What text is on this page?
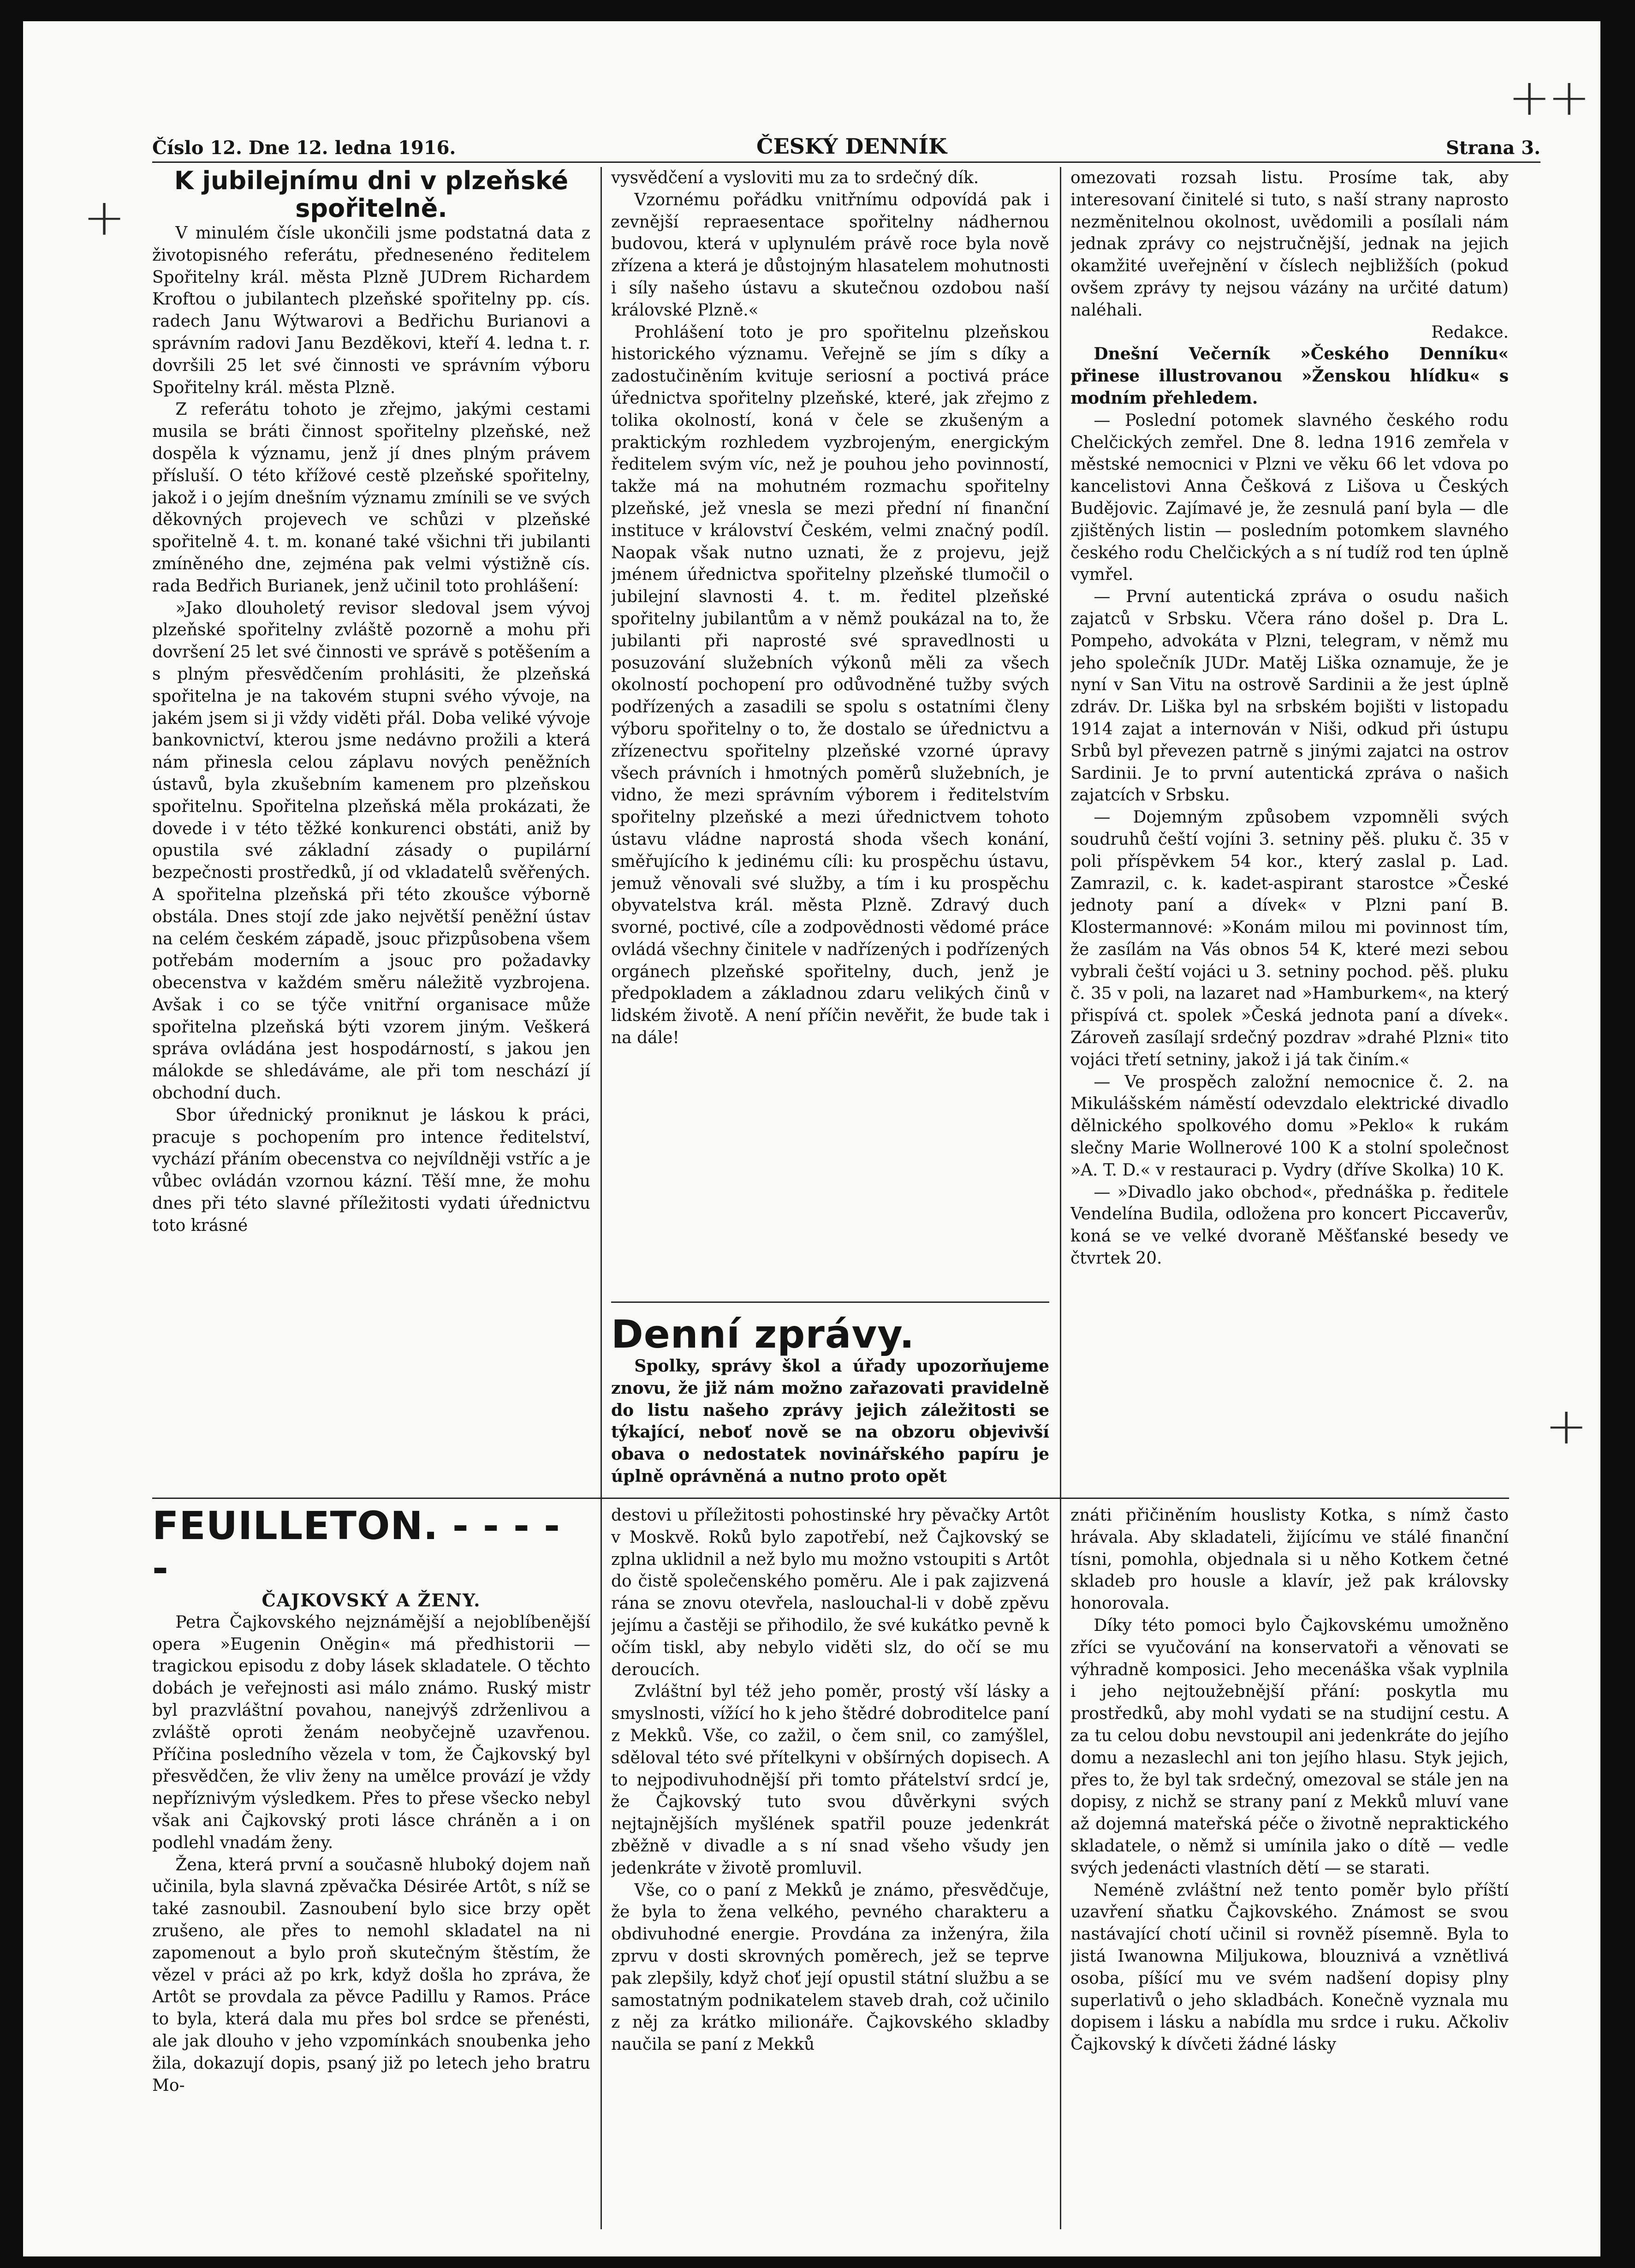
++
+
+
Číslo 12. Dne 12. ledna 1916.	ČESKÝ DENNÍK	Strana 3.

K jubilejnímu dni v plzeňské spořitelně.

V minulém čísle ukončili jsme podstatná data z životopisného referátu, přednesenéno ředitelem Spořitelny král. města Plzně JUDrem Richardem Kroftou o jubilantech plzeňské spořitelny pp. cís. radech Janu Wýtwarovi a Bedřichu Burianovi a správním radovi Janu Bezděkovi, kteří 4. ledna t. r. dovršili 25 let své činnosti ve správním výboru Spořitelny král. města Plzně.

Z referátu tohoto je zřejmo, jakými cestami musila se bráti činnost spořitelny plzeňské, než dospěla k významu, jenž jí dnes plným právem přísluší. O této křížové cestě plzeňské spořitelny, jakož i o jejím dnešním významu zmínili se ve svých děkovných projevech ve schůzi v plzeňské spořitelně 4. t. m. konané také všichni tři jubilanti zmíněného dne, zejména pak velmi výstižně cís. rada Bedřich Burianek, jenž učinil toto prohlášení:

»Jako dlouholetý revisor sledoval jsem vývoj plzeňské spořitelny zvláště pozorně a mohu při dovršení 25 let své činnosti ve správě s potěšením a s plným přesvědčením prohlásiti, že plzeňská spořitelna je na takovém stupni svého vývoje, na jakém jsem si ji vždy viděti přál. Doba veliké vývoje bankovnictví, kterou jsme nedávno prožili a která nám přinesla celou záplavu nových peněžních ústavů, byla zkušebním kamenem pro plzeňskou spořitelnu. Spořitelna plzeňská měla prokázati, že dovede i v této těžké konkurenci obstáti, aniž by opustila své základní zásady o pupilární bezpečnosti prostředků, jí od vkladatelů svěřených. A spořitelna plzeňská při této zkoušce výborně obstála. Dnes stojí zde jako největší peněžní ústav na celém českém západě, jsouc přizpůsobena všem potřebám moderním a jsouc pro požadavky obecenstva v každém směru náležitě vyzbrojena. Avšak i co se týče vnitřní organisace může spořitelna plzeňská býti vzorem jiným. Veškerá správa ovládána jest hospodárností, s jakou jen málokde se shledáváme, ale při tom neschází jí obchodní duch.

Sbor úřednický proniknut je láskou k práci, pracuje s pochopením pro intence ředitelství, vychází přáním obecenstva co nejvíldněji vstříc a je vůbec ovládán vzornou kázní. Těší mne, že mohu dnes při této slavné příležitosti vydati úřednictvu toto krásné

vysvědčení a vysloviti mu za to srdečný dík.

Vzornému pořádku vnitřnímu odpovídá pak i zevnější repraesentace spořitelny nádhernou budovou, která v uplynulém právě roce byla nově zřízena a která je důstojným hlasatelem mohutnosti i síly našeho ústavu a skutečnou ozdobou naší královské Plzně.«

Prohlášení toto je pro spořitelnu plzeňskou historického významu. Veřejně se jím s díky a zadostučiněním kvituje seriosní a poctivá práce úřednictva spořitelny plzeňské, které, jak zřejmo z tolika okolností, koná v čele se zkušeným a praktickým rozhledem vyzbrojeným, energickým ředitelem svým víc, než je pouhou jeho povinností, takže má na mohutném rozmachu spořitelny plzeňské, jež vnesla se mezi přední ní finanční instituce v království Českém, velmi značný podíl. Naopak však nutno uznati, že z projevu, jejž jménem úřednictva spořitelny plzeňské tlumočil o jubilejní slavnosti 4. t. m. ředitel plzeňské spořitelny jubilantům a v němž poukázal na to, že jubilanti při naprosté své spravedlnosti u posuzování služebních výkonů měli za všech okolností pochopení pro odůvodněné tužby svých podřízených a zasadili se spolu s ostatními členy výboru spořitelny o to, že dostalo se úřednictvu a zřízenectvu spořitelny plzeňské vzorné úpravy všech právních i hmotných poměrů služebních, je vidno, že mezi správním výborem i ředitelstvím spořitelny plzeňské a mezi úřednictvem tohoto ústavu vládne naprostá shoda všech konání, směřujícího k jedinému cíli: ku prospěchu ústavu, jemuž věnovali své služby, a tím i ku prospěchu obyvatelstva král. města Plzně. Zdravý duch svorné, poctivé, cíle a zodpovědnosti vědomé práce ovládá všechny činitele v nadřízených i podřízených orgánech plzeňské spořitelny, duch, jenž je předpokladem a základnou zdaru velikých činů v lidském životě. A není příčin nevěřit, že bude tak i na dále!

Denní zprávy.

Spolky, správy škol a úřady upozorňujeme znovu, že již nám možno zařazovati pravidelně do listu našeho zprávy jejich záležitosti se týkající, neboť nově se na obzoru objevivší obava o nedostatek novinářského papíru je úplně oprávněná a nutno proto opět

omezovati rozsah listu. Prosíme tak, aby interesovaní činitelé si tuto, s naší strany naprosto nezměnitelnou okolnost, uvědomili a posílali nám jednak zprávy co nejstručnější, jednak na jejich okamžité uveřejnění v číslech nejbližších (pokud ovšem zprávy ty nejsou vázány na určité datum) naléhali.

Redakce.

Dnešní Večerník »Českého Denníku« přinese illustrovanou »Ženskou hlídku« s modním přehledem.

— Poslední potomek slavného českého rodu Chelčických zemřel. Dne 8. ledna 1916 zemřela v městské nemocnici v Plzni ve věku 66 let vdova po kancelistovi Anna Češková z Lišova u Českých Budějovic. Zajímavé je, že zesnulá paní byla — dle zjištěných listin — posledním potomkem slavného českého rodu Chelčických a s ní tudíž rod ten úplně vymřel.

— První autentická zpráva o osudu našich zajatců v Srbsku. Včera ráno došel p. Dra L. Pompeho, advokáta v Plzni, telegram, v němž mu jeho společník JUDr. Matěj Liška oznamuje, že je nyní v San Vitu na ostrově Sardinii a že jest úplně zdráv. Dr. Liška byl na srbském bojišti v listopadu 1914 zajat a internován v Niši, odkud při ústupu Srbů byl převezen patrně s jinými zajatci na ostrov Sardinii. Je to první autentická zpráva o našich zajatcích v Srbsku.

— Dojemným způsobem vzpomněli svých soudruhů čeští vojíni 3. setniny pěš. pluku č. 35 v poli příspěvkem 54 kor., který zaslal p. Lad. Zamrazil, c. k. kadet-aspirant starostce »České jednoty paní a dívek« v Plzni paní B. Klostermannové: »Konám milou mi povinnost tím, že zasílám na Vás obnos 54 K, které mezi sebou vybrali čeští vojáci u 3. setniny pochod. pěš. pluku č. 35 v poli, na lazaret nad »Hamburkem«, na který přispívá ct. spolek »Česká jednota paní a dívek«. Zároveň zasílají srdečný pozdrav »drahé Plzni« tito vojáci třetí setniny, jakož i já tak činím.«

— Ve prospěch založní nemocnice č. 2. na Mikulášském náměstí odevzdalo elektrické divadlo dělnického spolkového domu »Peklo« k rukám slečny Marie Wollnerové 100 K a stolní společnost »A. T. D.« v restauraci p. Vydry (dříve Skolka) 10 K.

— »Divadlo jako obchod«, přednáška p. ředitele Vendelína Budila, odložena pro koncert Piccaverův, koná se ve velké dvoraně Měšťanské besedy ve čtvrtek 20.

FEUILLETON. - - - - -

ČAJKOVSKÝ A ŽENY.

Petra Čajkovského nejznámější a nejoblíbenější opera »Eugenin Oněgin« má předhistorii — tragickou episodu z doby lásek skladatele. O těchto dobách je veřejnosti asi málo známo. Ruský mistr byl prazvláštní povahou, nanejvýš zdrženlivou a zvláště oproti ženám neobyčejně uzavřenou. Příčina posledního vězela v tom, že Čajkovský byl přesvědčen, že vliv ženy na umělce provází je vždy nepříznivým výsledkem. Přes to přese všecko nebyl však ani Čajkovský proti lásce chráněn a i on podlehl vnadám ženy.

Žena, která první a současně hluboký dojem naň učinila, byla slavná zpěvačka Désirée Artôt, s níž se také zasnoubil. Zasnoubení bylo sice brzy opět zrušeno, ale přes to nemohl skladatel na ni zapomenout a bylo proň skutečným štěstím, že vězel v práci až po krk, když došla ho zpráva, že Artôt se provdala za pěvce Padillu y Ramos. Práce to byla, která dala mu přes bol srdce se přenésti, ale jak dlouho v jeho vzpomínkách snoubenka jeho žila, dokazují dopis, psaný již po letech jeho bratru Mo-

destovi u příležitosti pohostinské hry pěvačky Artôt v Moskvě. Roků bylo zapotřebí, než Čajkovský se zplna uklidnil a než bylo mu možno vstoupiti s Artôt do čistě společenského poměru. Ale i pak zajizvená rána se znovu otevřela, naslouchal-li v době zpěvu jejímu a častěji se přihodilo, že své kukátko pevně k očím tiskl, aby nebylo viděti slz, do očí se mu deroucích.

Zvláštní byl též jeho poměr, prostý vší lásky a smyslnosti, vížící ho k jeho štědré dobroditelce paní z Mekků. Vše, co zažil, o čem snil, co zamýšlel, sděloval této své přítelkyni v obšírných dopisech. A to nejpodivuhodnější při tomto přátelství srdcí je, že Čajkovský tuto svou důvěrkyni svých nejtajnějších myšlének spatřil pouze jedenkrát zběžně v divadle a s ní snad všeho všudy jen jedenkráte v životě promluvil.

Vše, co o paní z Mekků je známo, přesvědčuje, že byla to žena velkého, pevného charakteru a obdivuhodné energie. Provdána za inženýra, žila zprvu v dosti skrovných poměrech, jež se teprve pak zlepšily, když choť její opustil státní službu a se samostatným podnikatelem staveb drah, což učinilo z něj za krátko milionáře. Čajkovského skladby naučila se paní z Mekků

znáti přičiněním houslisty Kotka, s nímž často hrávala. Aby skladateli, žijícímu ve stálé finanční tísni, pomohla, objednala si u něho Kotkem četné skladeb pro housle a klavír, jež pak královsky honorovala.

Díky této pomoci bylo Čajkovskému umožněno zříci se vyučování na konservatoři a věnovati se výhradně komposici. Jeho mecenáška však vyplnila i jeho nejtoužebnější přání: poskytla mu prostředků, aby mohl vydati se na studijní cestu. A za tu celou dobu nevstoupil ani jedenkráte do jejího domu a nezaslechl ani ton jejího hlasu. Styk jejich, přes to, že byl tak srdečný, omezoval se stále jen na dopisy, z nichž se strany paní z Mekků mluví vane až dojemná mateřská péče o životně nepraktického skladatele, o němž si umínila jako o dítě — vedle svých jedenácti vlastních dětí — se starati.

Neméně zvláštní než tento poměr bylo příští uzavření sňatku Čajkovského. Známost se svou nastávající chotí učinil si rovněž písemně. Byla to jistá Iwanowna Miljukowa, blouznivá a vznětlivá osoba, píšící mu ve svém nadšení dopisy plny superlativů o jeho skladbách. Konečně vyznala mu dopisem i lásku a nabídla mu srdce i ruku. Ačkoliv Čajkovský k dívčeti žádné lásky
